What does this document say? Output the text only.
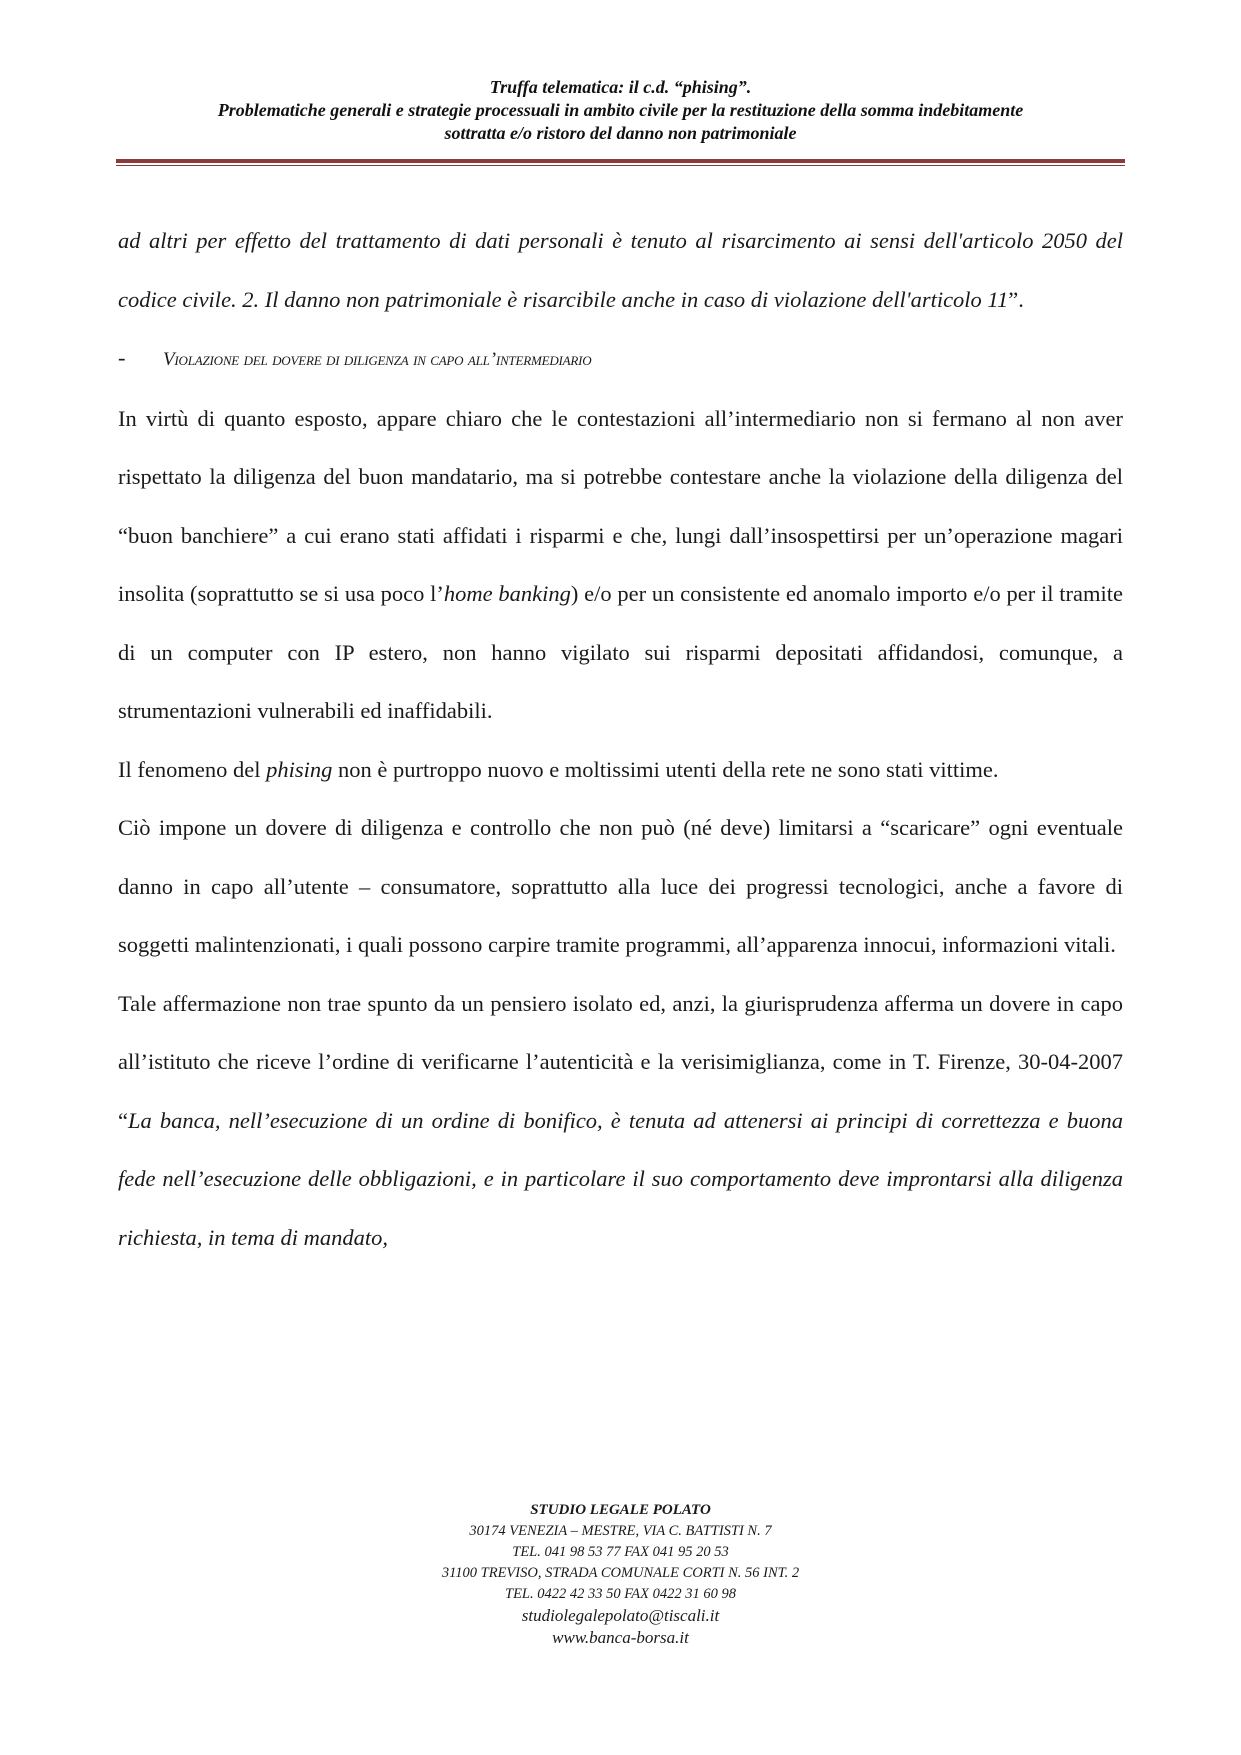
Truffa telematica: il c.d. “phising”.
Problematiche generali e strategie processuali in ambito civile per la restituzione della somma indebitamente
sottratta e/o ristoro del danno non patrimoniale

ad altri per effetto del trattamento di dati personali è tenuto al risarcimento ai sensi dell'articolo 2050 del codice civile. 2. Il danno non patrimoniale è risarcibile anche in caso di violazione dell'articolo 11”.

- Violazione del dovere di diligenza in capo all’intermediario

In virtù di quanto esposto, appare chiaro che le contestazioni all’intermediario non si fermano al non aver rispettato la diligenza del buon mandatario, ma si potrebbe contestare anche la violazione della diligenza del “buon banchiere” a cui erano stati affidati i risparmi e che, lungi dall’insospettirsi per un’operazione magari insolita (soprattutto se si usa poco l’home banking) e/o per un consistente ed anomalo importo e/o per il tramite di un computer con IP estero, non hanno vigilato sui risparmi depositati affidandosi, comunque, a strumentazioni vulnerabili ed inaffidabili.

Il fenomeno del phising non è purtroppo nuovo e moltissimi utenti della rete ne sono stati vittime.

Ciò impone un dovere di diligenza e controllo che non può (né deve) limitarsi a “scaricare” ogni eventuale danno in capo all’utente – consumatore, soprattutto alla luce dei progressi tecnologici, anche a favore di soggetti malintenzionati, i quali possono carpire tramite programmi, all’apparenza innocui, informazioni vitali.

Tale affermazione non trae spunto da un pensiero isolato ed, anzi, la giurisprudenza afferma un dovere in capo all’istituto che riceve l’ordine di verificarne l’autenticità e la verisimiglianza, come in T. Firenze, 30-04-2007 “La banca, nell’esecuzione di un ordine di bonifico, è tenuta ad attenersi ai principi di correttezza e buona fede nell’esecuzione delle obbligazioni, e in particolare il suo comportamento deve improntarsi alla diligenza richiesta, in tema di mandato,

STUDIO LEGALE POLATO
30174 VENEZIA – MESTRE, VIA C. BATTISTI N. 7
TEL. 041 98 53 77 FAX 041 95 20 53
31100 TREVISO, STRADA COMUNALE CORTI N. 56 INT. 2
TEL. 0422 42 33 50 FAX 0422 31 60 98
studiolegalepolato@tiscali.it
www.banca-borsa.it
